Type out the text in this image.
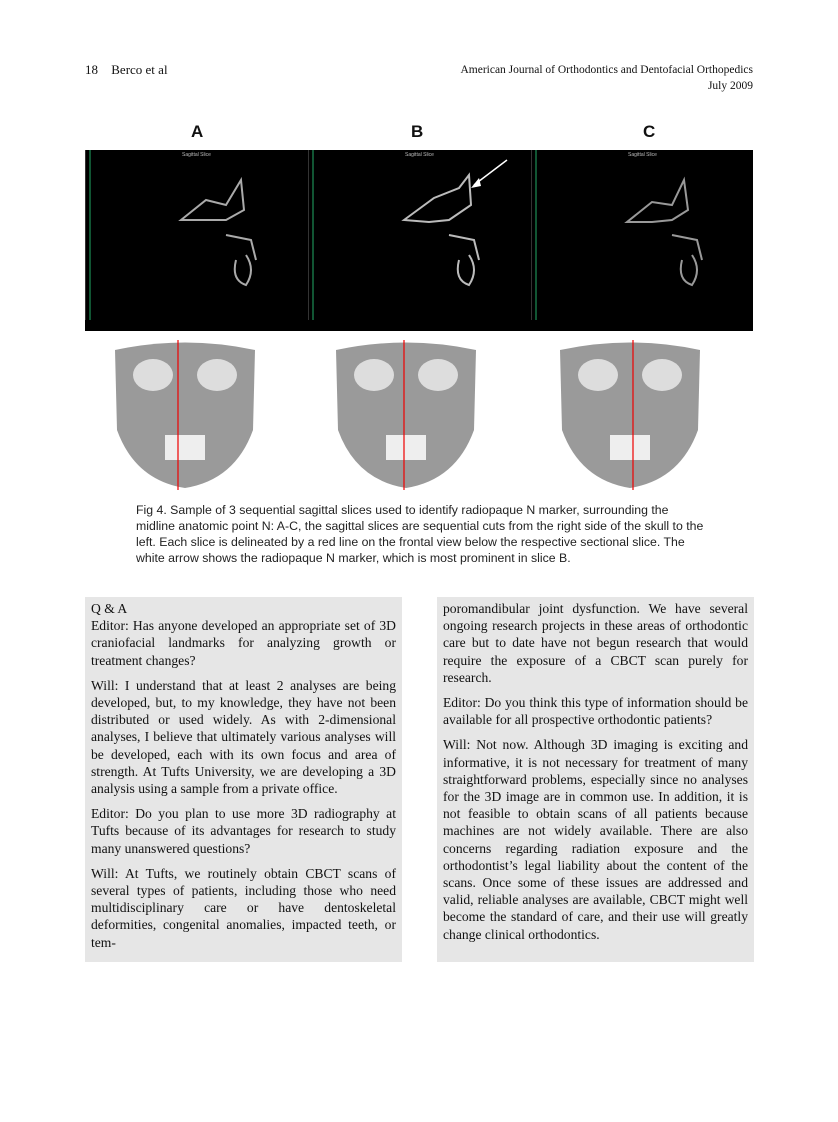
18 Berco et al	American Journal of Orthodontics and Dentofacial Orthopedics
July 2009
A	B	C
Sagittal Slice	Sagittal Slice	Sagittal Slice
Fig 4. Sample of 3 sequential sagittal slices used to identify radiopaque N marker, surrounding the midline anatomic point N: A-C, the sagittal slices are sequential cuts from the right side of the skull to the left. Each slice is delineated by a red line on the frontal view below the respective sectional slice. The white arrow shows the radiopaque N marker, which is most prominent in slice B.

Q & A

Editor: Has anyone developed an appropriate set of 3D craniofacial landmarks for analyzing growth or treatment changes?

Will: I understand that at least 2 analyses are being developed, but, to my knowledge, they have not been distributed or used widely. As with 2-dimensional analyses, I believe that ultimately various analyses will be developed, each with its own focus and area of strength. At Tufts University, we are developing a 3D analysis using a sample from a private office.

Editor: Do you plan to use more 3D radiography at Tufts because of its advantages for research to study many unanswered questions?

Will: At Tufts, we routinely obtain CBCT scans of several types of patients, including those who need multidisciplinary care or have dentoskeletal deformities, congenital anomalies, impacted teeth, or tem-

poromandibular joint dysfunction. We have several ongoing research projects in these areas of orthodontic care but to date have not begun research that would require the exposure of a CBCT scan purely for research.

Editor: Do you think this type of information should be available for all prospective orthodontic patients?

Will: Not now. Although 3D imaging is exciting and informative, it is not necessary for treatment of many straightforward problems, especially since no analyses for the 3D image are in common use. In addition, it is not feasible to obtain scans of all patients because machines are not widely available. There are also concerns regarding radiation exposure and the orthodontist’s legal liability about the content of the scans. Once some of these issues are addressed and valid, reliable analyses are available, CBCT might well become the standard of care, and their use will greatly change clinical orthodontics.
